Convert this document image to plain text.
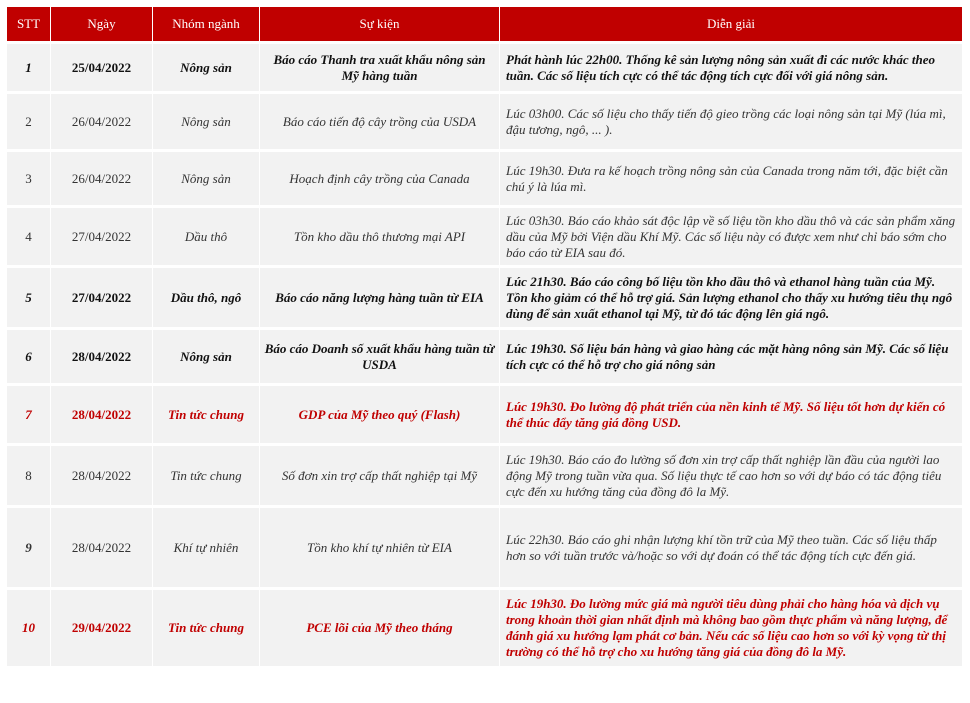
STT	Ngày	Nhóm ngành	Sự kiện	Diễn giải
1	25/04/2022	Nông sản	Báo cáo Thanh tra xuất khẩu nông sản Mỹ hàng tuần	Phát hành lúc 22h00. Thống kê sản lượng nông sản xuất đi các nước khác theo tuần. Các số liệu tích cực có thể tác động tích cực đối với giá nông sản.
2	26/04/2022	Nông sản	Báo cáo tiến độ cây trồng của USDA	Lúc 03h00. Các số liệu cho thấy tiến độ gieo trồng các loại nông sản tại Mỹ (lúa mì, đậu tương, ngô, ... ).
3	26/04/2022	Nông sản	Hoạch định cây trồng của Canada	Lúc 19h30. Đưa ra kế hoạch trồng nông sản của Canada trong năm tới, đặc biệt cần chú ý là lúa mì.
4	27/04/2022	Dầu thô	Tồn kho dầu thô thương mại API	Lúc 03h30. Báo cáo khảo sát độc lập về số liệu tồn kho dầu thô và các sản phẩm xăng dầu của Mỹ bởi Viện dầu Khí Mỹ. Các số liệu này có được xem như chỉ báo sớm cho báo cáo từ EIA sau đó.
5	27/04/2022	Dầu thô, ngô	Báo cáo năng lượng hàng tuần từ EIA	Lúc 21h30. Báo cáo công bố liệu tồn kho dầu thô và ethanol hàng tuần của Mỹ. Tồn kho giảm có thể hỗ trợ giá. Sản lượng ethanol cho thấy xu hướng tiêu thụ ngô dùng để sản xuất ethanol tại Mỹ, từ đó tác động lên giá ngô.
6	28/04/2022	Nông sản	Báo cáo Doanh số xuất khẩu hàng tuần từ USDA	Lúc 19h30. Số liệu bán hàng và giao hàng các mặt hàng nông sản Mỹ. Các số liệu tích cực có thể hỗ trợ cho giá nông sản
7	28/04/2022	Tin tức chung	GDP của Mỹ theo quý (Flash)	Lúc 19h30. Đo lường độ phát triển của nền kinh tế Mỹ. Số liệu tốt hơn dự kiến có thể thúc đẩy tăng giá đồng USD.
8	28/04/2022	Tin tức chung	Số đơn xin trợ cấp thất nghiệp tại Mỹ	Lúc 19h30. Báo cáo đo lường số đơn xin trợ cấp thất nghiệp lần đầu của người lao động Mỹ trong tuần vừa qua. Số liệu thực tế cao hơn so với dự báo có tác động tiêu cực đến xu hướng tăng của đồng đô la Mỹ.
9	28/04/2022	Khí tự nhiên	Tồn kho khí tự nhiên từ EIA	Lúc 22h30. Báo cáo ghi nhận lượng khí tồn trữ của Mỹ theo tuần. Các số liệu thấp hơn so với tuần trước và/hoặc so với dự đoán có thể tác động tích cực đến giá.
10	29/04/2022	Tin tức chung	PCE lõi của Mỹ theo tháng	Lúc 19h30. Đo lường mức giá mà người tiêu dùng phải cho hàng hóa và dịch vụ trong khoản thời gian nhất định mà không bao gồm thực phẩm và năng lượng, để đánh giá xu hướng lạm phát cơ bản. Nếu các số liệu cao hơn so với kỳ vọng từ thị trường có thể hỗ trợ cho xu hướng tăng giá của đồng đô la Mỹ.
